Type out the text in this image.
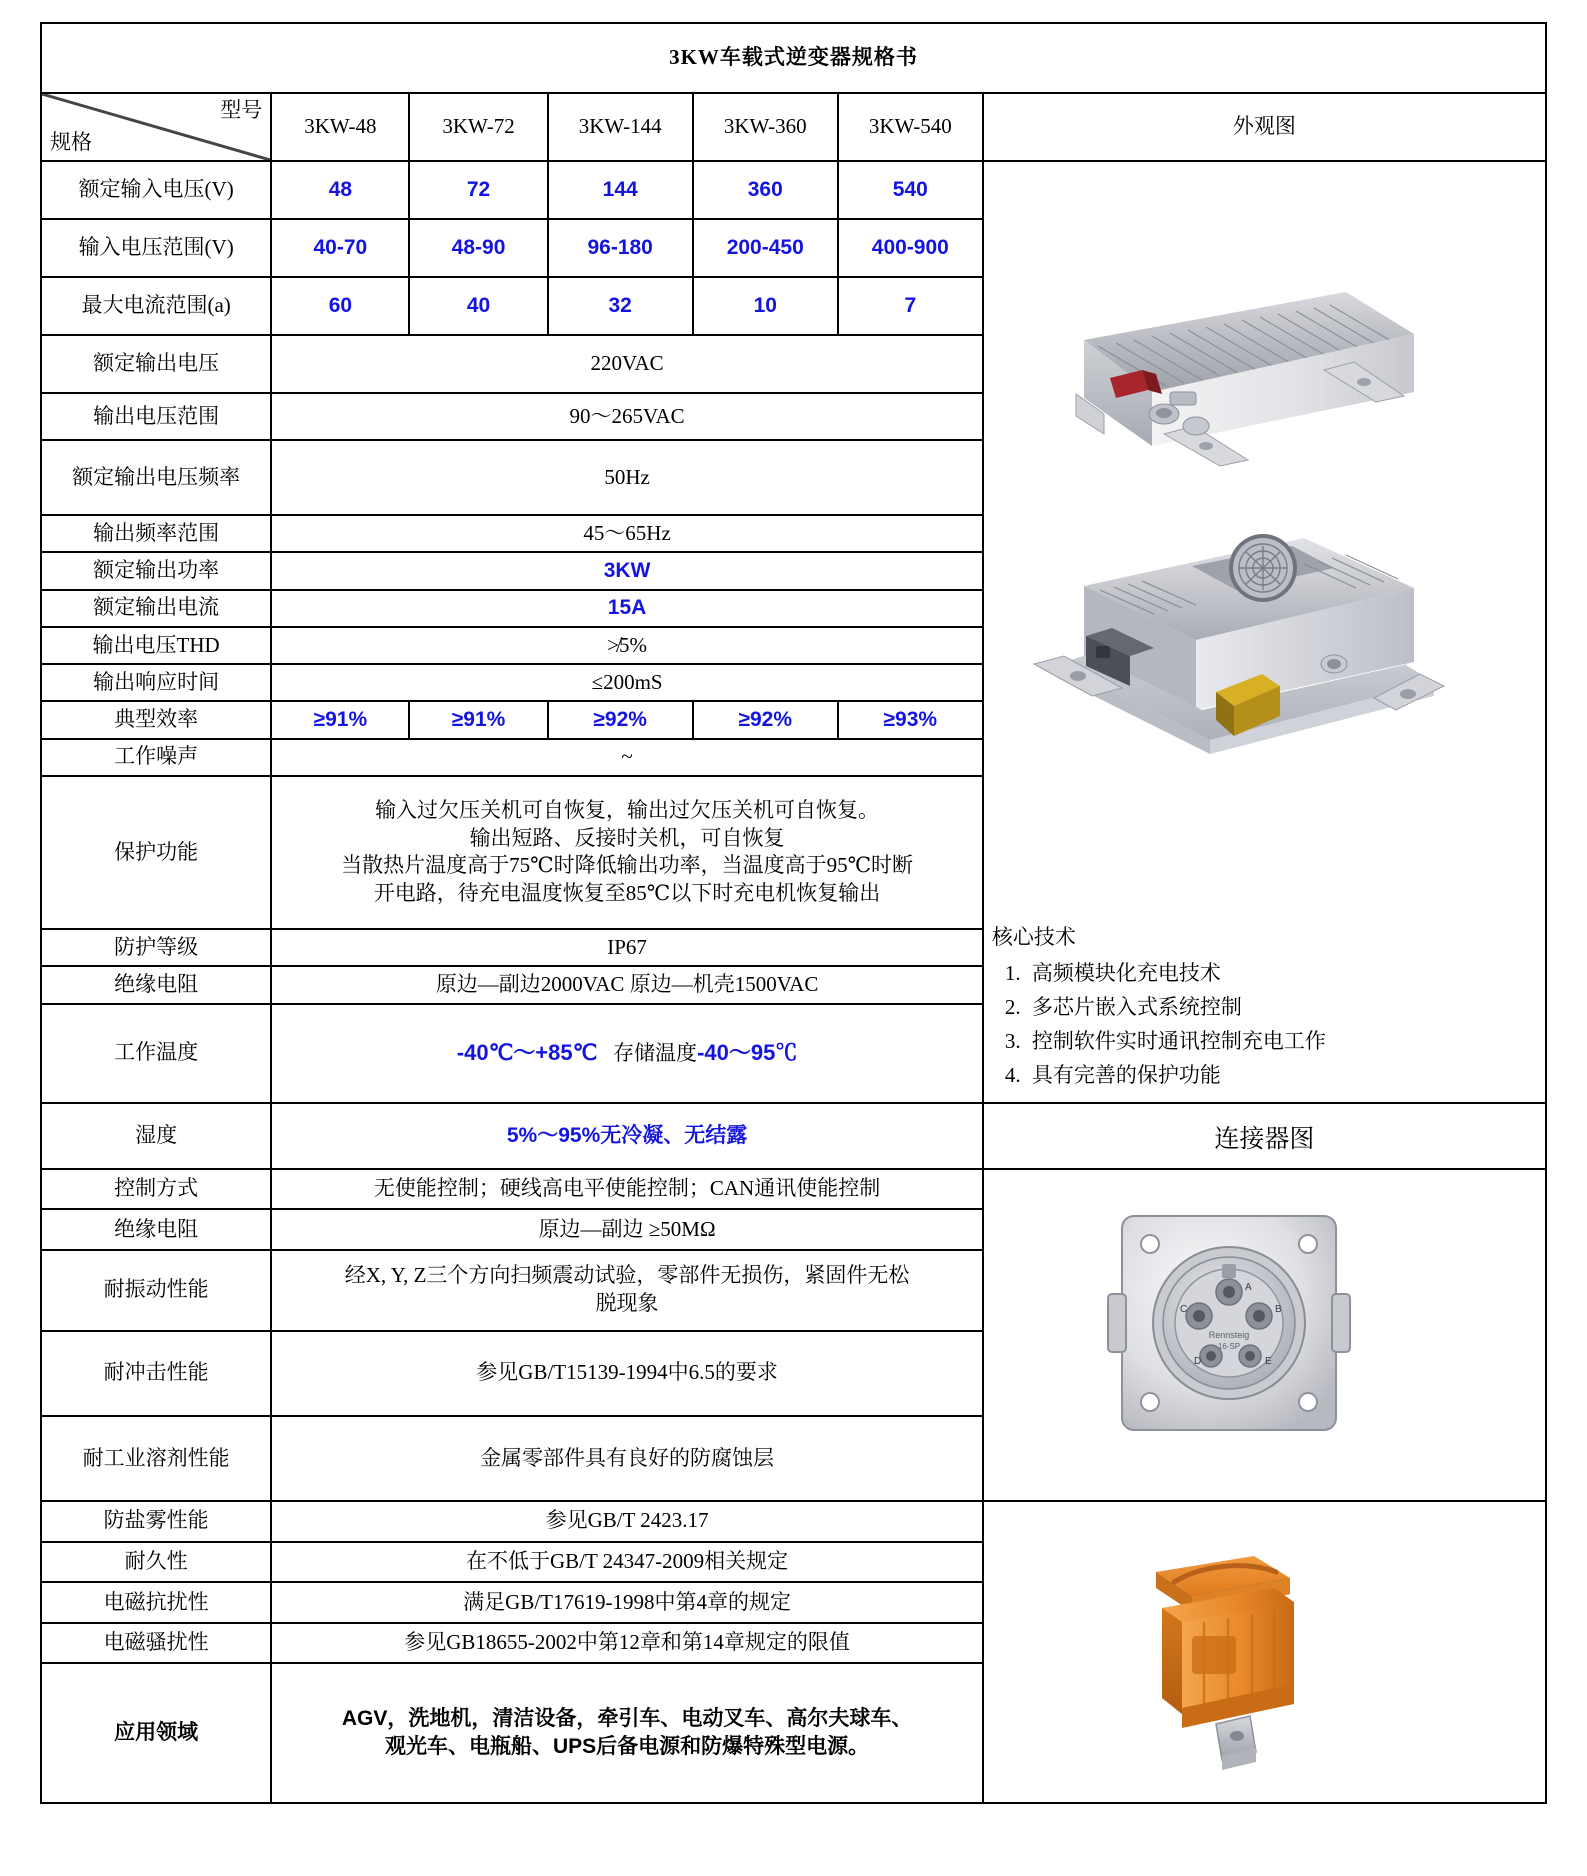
3KW车载式逆变器规格书						

型号
规格	3KW-48	3KW-72	3KW-144	3KW-360	3KW-540	外观图
额定输入电压(V)	48	72	144	360	540	
核心技术
1. 高频模块化充电技术
2. 多芯片嵌入式系统控制
3. 控制软件实时通讯控制充电工作
4. 具有完善的保护功能

输入电压范围(V)	40-70	48-90	96-180	200-450	400-900	
最大电流范围(a)	60	40	32	10	7	
额定输出电压	220VAC					
输出电压范围	90～265VAC					
额定输出电压频率	50Hz					
输出频率范围	45～65Hz					
额定输出功率	3KW					
额定输出电流	15A					
输出电压THD	≯5%					
输出响应时间	≤200mS					
典型效率	≥91%	≥91%	≥92%	≥92%	≥93%	
工作噪声	~					
保护功能	输入过欠压关机可自恢复，输出过欠压关机可自恢复。
输出短路、反接时关机，可自恢复
当散热片温度高于75℃时降低输出功率，当温度高于95℃时断
开电路，待充电温度恢复至85℃以下时充电机恢复输出					

防护等级	IP67					
绝缘电阻	原边—副边2000VAC 原边—机壳1500VAC					
工作温度	-40℃～+85℃ 存储温度-40～95℃					
湿度	5%～95%无冷凝、无结露					连接器图

控制方式	无使能控制；硬线高电平使能控制；CAN通讯使能控制	
A
C	B
D	E
Rennsteig
16-SP

绝缘电阻	原边—副边 ≥50MΩ					
耐振动性能	经X, Y, Z三个方向扫频震动试验，零部件无损伤，紧固件无松
脱现象					

耐冲击性能	参见GB/T15139-1994中6.5的要求					
耐工业溶剂性能	金属零部件具有良好的防腐蚀层					
防盐雾性能	参见GB/T 2423.17	

耐久性	在不低于GB/T 24347-2009相关规定					
电磁抗扰性	满足GB/T17619-1998中第4章的规定					
电磁骚扰性	参见GB18655-2002中第12章和第14章规定的限值					
应用领域	AGV，洗地机，清洁设备，牵引车、电动叉车、高尔夫球车、
观光车、电瓶船、UPS后备电源和防爆特殊型电源。					
